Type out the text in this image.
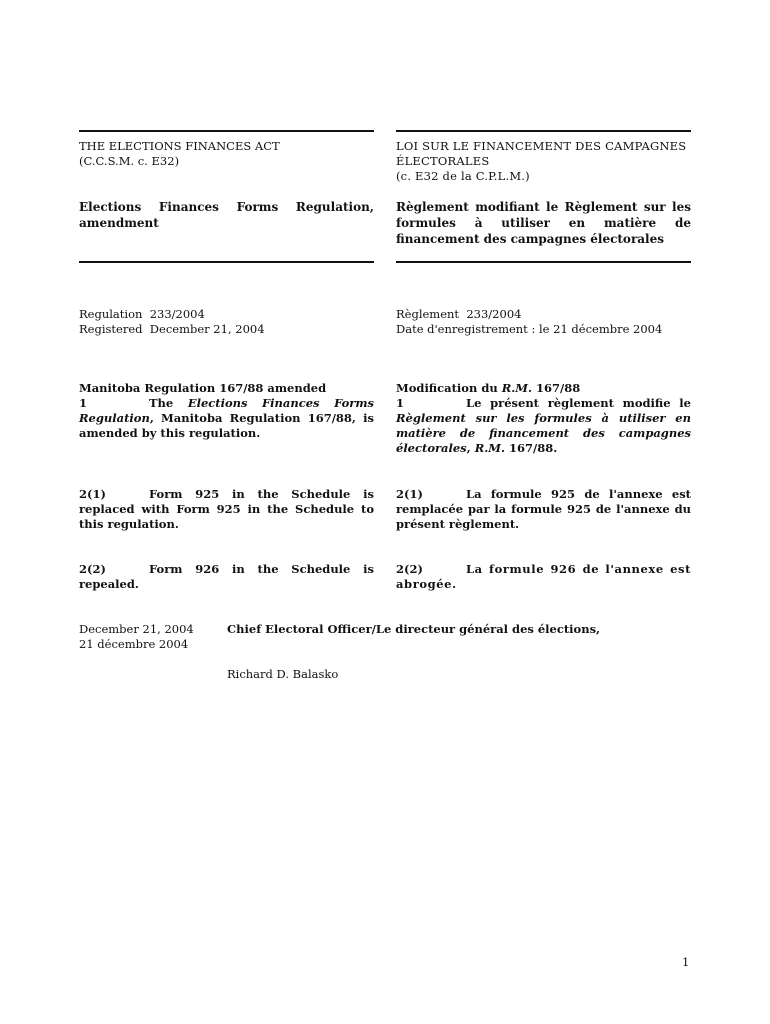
THE ELECTIONS FINANCES ACT
(C.C.S.M. c. E32)
LOI SUR LE FINANCEMENT DES CAMPAGNES
ÉLECTORALES
(c. E32 de la C.P.L.M.)
Elections Finances Forms Regulation,
amendment
Règlement modifiant le Règlement sur les formules à utiliser en matière de financement des campagnes électorales
Regulation  233/2004
Registered  December 21, 2004
Règlement  233/2004
Date d'enregistrement : le 21 décembre 2004
Manitoba Regulation 167/88 amended
1	The Elections Finances Forms Regulation, Manitoba Regulation 167/88, is amended by this regulation.
Modification du R.M. 167/88
1	Le présent règlement modifie le Règlement sur les formules à utiliser en matière de financement des campagnes électorales, R.M. 167/88.
2(1)	Form 925 in the Schedule is replaced with Form 925 in the Schedule to this regulation.
2(1)	La formule 925 de l'annexe est remplacée par la formule 925 de l'annexe du présent règlement.
2(2)	Form 926 in the Schedule is repealed.
2(2)	La formule 926 de l'annexe est abrogée.
December 21, 2004
21 décembre 2004
Chief Electoral Officer/Le directeur général des élections,
Richard D. Balasko
1
